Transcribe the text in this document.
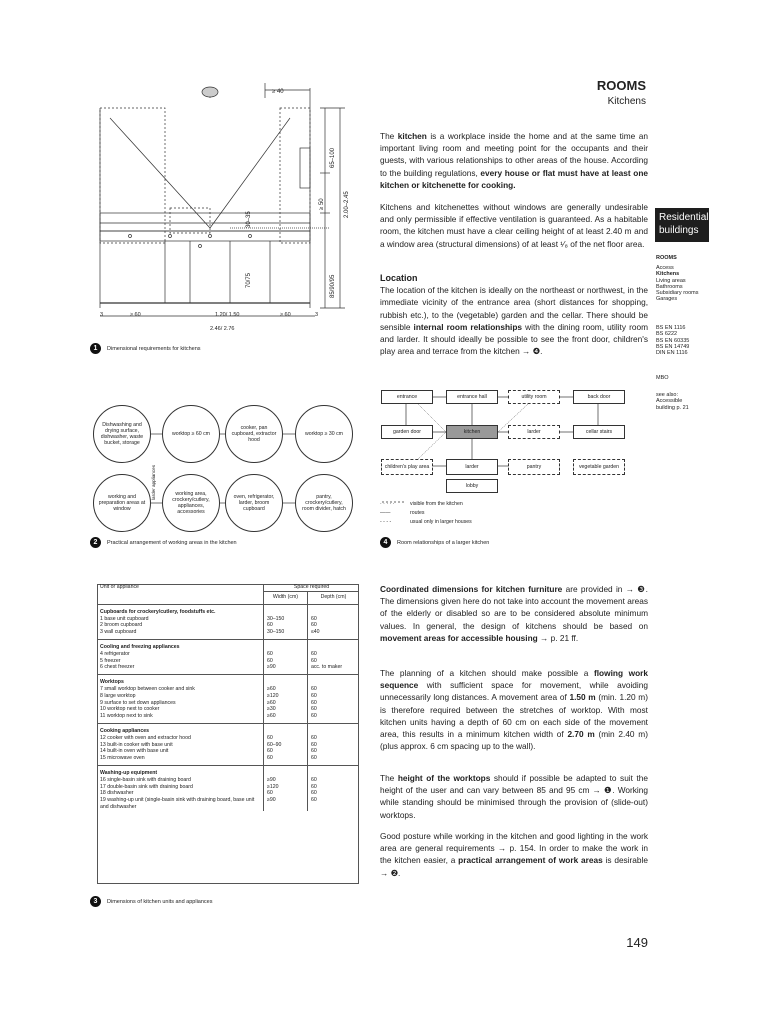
ROOMS
Kitchens
Residential buildings
ROOMS
Access
Kitchens
Living areas
Bathrooms
Subsidiary rooms
Garages
BS EN 1116
BS 6222
BS EN 60335
BS EN 14749
DIN EN 1116
MBO
see also:
Accessible
building p. 21
≥ 40
65–100
≥ 50	2.00–2.45
30–35
70/75	85/90/95
3	≥ 60	1.20/ 1.50	≥ 60	3
2.46/ 2.76
1	Dimensional requirements for kitchens
Dishwashing and drying surface, dishwasher, waste bucket, storage
worktop ≥ 60 cm
cooker, pan cupboard, extractor hood
worktop ≥ 30 cm
working and preparation areas at window
working area, crockery/cutlery, appliances, accessories
oven, refrigerator, larder, broom cupboard
pantry, crockery/cutlery, room divider, hatch
larder appliances
2	Practical arrangement of working areas in the kitchen
entrance	entrance hall	utility room	back door
garden door	kitchen	larder	cellar stairs
children's play area	larder	pantry	vegetable garden
lobby
· · · · ·	visible from the kitchen
——	routes
- - - -	usual only in larger houses
4	Room relationships of a larger kitchen
Unit or appliance	Space required	
	Width (cm)	Depth (cm)
Cupboards for crockery/cutlery, foodstuffs etc.		
1 base unit cupboard	30–150	60
2 broom cupboard	60	60
3 wall cupboard	30–150	≤40
Cooling and freezing appliances		
4 refrigerator	60	60
5 freezer	60	60
6 chest freezer	≥90	acc. to maker
Worktops		
7 small worktop between cooker and sink	≥60	60
8 large worktop	≥120	60
9 surface to set down appliances	≥60	60
10 worktop next to cooker	≥30	60
11 worktop next to sink	≥60	60
Cooking appliances		
12 cooker with oven and extractor hood	60	60
13 built-in cooker with base unit	60–90	60
14 built-in oven with base unit	60	60
15 microwave oven	60	60
Washing-up equipment		
16 single-basin sink with draining board	≥90	60
17 double-basin sink with draining board	≥120	60
18 dishwasher	60	60
19 washing-up unit (single-basin sink with draining board, base unit and dishwasher	≥90	60
3	Dimensions of kitchen units and appliances
The kitchen is a workplace inside the home and at the same time an important living room and meeting point for the occupants and their guests, with various relationships to other areas of the house. According to the building regulations, every house or flat must have at least one kitchen or kitchenette for cooking.
Kitchens and kitchenettes without windows are generally undesirable and only permissible if effective ventilation is guaranteed. As a habitable room, the kitchen must have a clear ceiling height of at least 2.40 m and a window area (structural dimensions) of at least ¹⁄₈ of the net floor area.
Location
The location of the kitchen is ideally on the northeast or northwest, in the immediate vicinity of the entrance area (short distances for shopping, rubbish etc.), to the (vegetable) garden and the cellar. There should be sensible internal room relationships with the dining room, utility room and larder. It should ideally be possible to see the front door, children's play area and terrace from the kitchen → ❹.
Coordinated dimensions for kitchen furniture are provided in → ❸. The dimensions given here do not take into account the movement areas of the elderly or disabled so are to be considered absolute minimum values. In general, the design of kitchens should be based on movement areas for accessible housing → p. 21 ff.
The planning of a kitchen should make possible a flowing work sequence with sufficient space for movement, while avoiding unnecessarily long distances. A movement area of 1.50 m (min. 1.20 m) is therefore required between the stretches of worktop. With most kitchen units having a depth of 60 cm on each side of the movement area, this results in a minimum kitchen width of 2.70 m (min 2.40 m) (plus approx. 6 cm spacing up to the wall).
The height of the worktops should if possible be adapted to suit the height of the user and can vary between 85 and 95 cm → ❶. Working while standing should be minimised through the provision of (slide-out) worktops.
Good posture while working in the kitchen and good lighting in the work area are general requirements → p. 154. In order to make the work in the kitchen easier, a practical arrangement of work areas is desirable → ❷.
149
